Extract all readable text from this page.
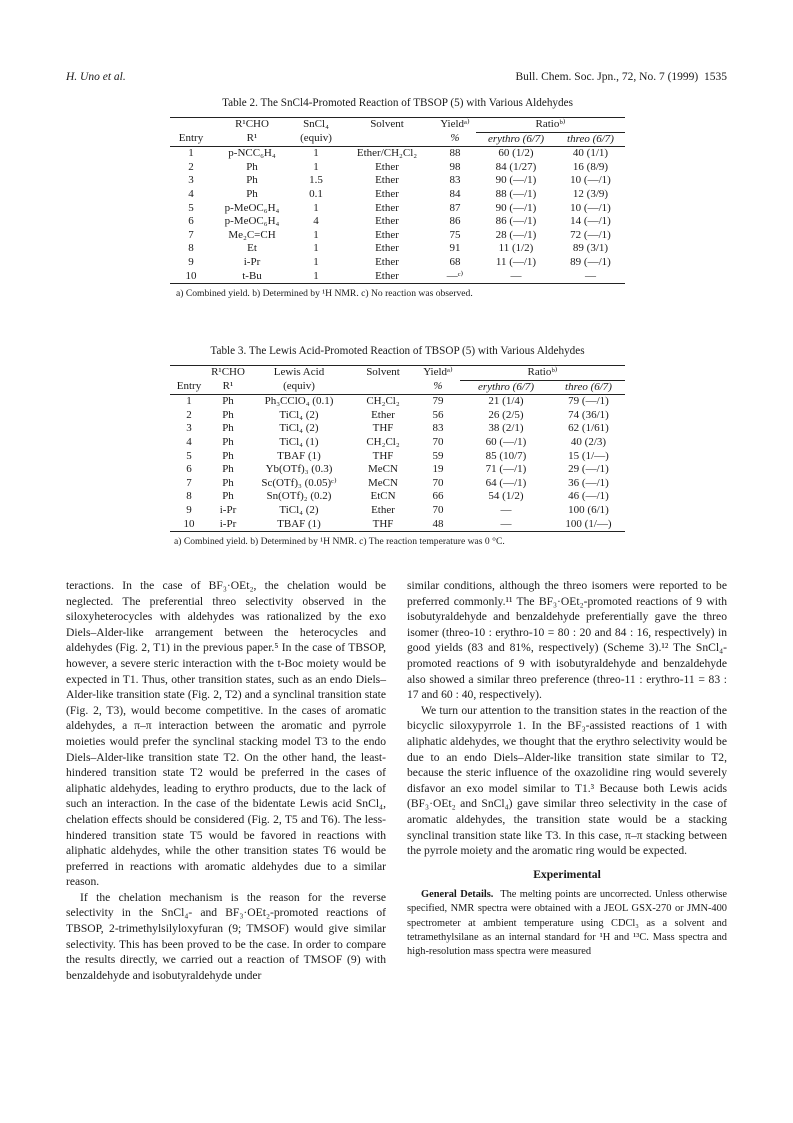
H. Uno et al.	Bull. Chem. Soc. Jpn., 72, No. 7 (1999) 1535
Table 2. The SnCl4-Promoted Reaction of TBSOP (5) with Various Aldehydes
	R¹CHO	SnCl₄	Solvent	Yieldᵃ⁾	Ratioᵇ⁾	
Entry	R¹	(equiv)		%	erythro (6/7)	threo (6/7)
1	p-NCC₆H₄	1	Ether/CH₂Cl₂	88	60 (1/2)	40 (1/1)
2	Ph	1	Ether	98	84 (1/27)	16 (8/9)
3	Ph	1.5	Ether	83	90 (—/1)	10 (—/1)
4	Ph	0.1	Ether	84	88 (—/1)	12 (3/9)
5	p-MeOC₆H₄	1	Ether	87	90 (—/1)	10 (—/1)
6	p-MeOC₆H₄	4	Ether	86	86 (—/1)	14 (—/1)
7	Me₂C=CH	1	Ether	75	28 (—/1)	72 (—/1)
8	Et	1	Ether	91	11 (1/2)	89 (3/1)
9	i-Pr	1	Ether	68	11 (—/1)	89 (—/1)
10	t-Bu	1	Ether	—ᶜ⁾	—	—
a) Combined yield. b) Determined by ¹H NMR. c) No reaction was observed.
Table 3. The Lewis Acid-Promoted Reaction of TBSOP (5) with Various Aldehydes
	R¹CHO	Lewis Acid	Solvent	Yieldᵃ⁾	Ratioᵇ⁾	
Entry	R¹	(equiv)		%	erythro (6/7)	threo (6/7)
1	Ph	Ph₃CClO₄ (0.1)	CH₂Cl₂	79	21 (1/4)	79 (—/1)
2	Ph	TiCl₄ (2)	Ether	56	26 (2/5)	74 (36/1)
3	Ph	TiCl₄ (2)	THF	83	38 (2/1)	62 (1/61)
4	Ph	TiCl₄ (1)	CH₂Cl₂	70	60 (—/1)	40 (2/3)
5	Ph	TBAF (1)	THF	59	85 (10/7)	15 (1/—)
6	Ph	Yb(OTf)₃ (0.3)	MeCN	19	71 (—/1)	29 (—/1)
7	Ph	Sc(OTf)₃ (0.05)ᶜ⁾	MeCN	70	64 (—/1)	36 (—/1)
8	Ph	Sn(OTf)₂ (0.2)	EtCN	66	54 (1/2)	46 (—/1)
9	i-Pr	TiCl₄ (2)	Ether	70	—	100 (6/1)
10	i-Pr	TBAF (1)	THF	48	—	100 (1/—)
a) Combined yield. b) Determined by ¹H NMR. c) The reaction temperature was 0 °C.

teractions. In the case of BF₃·OEt₂, the chelation would be neglected. The preferential threo selectivity observed in the siloxyheterocycles with aldehydes was rationalized by the exo Diels–Alder-like arrangement between the heterocycles and aldehydes (Fig. 2, T1) in the previous paper.⁵ In the case of TBSOP, however, a severe steric interaction with the t-Boc moiety would be expected in T1. Thus, other transition states, such as an endo Diels–Alder-like transition state (Fig. 2, T2) and a synclinal transition state (Fig. 2, T3), would become competitive. In the cases of aromatic aldehydes, a π–π interaction between the aromatic and pyrrole moieties would prefer the synclinal stacking model T3 to the endo Diels–Alder-like transition state T2. On the other hand, the least-hindered transition state T2 would be preferred in the cases of aliphatic aldehydes, leading to erythro products, due to the lack of such an interaction. In the case of the bidentate Lewis acid SnCl₄, chelation effects should be considered (Fig. 2, T5 and T6). The less-hindered transition state T5 would be favored in reactions with aliphatic aldehydes, while the other transition states T6 would be preferred in reactions with aromatic aldehydes due to a similar reason.

If the chelation mechanism is the reason for the reverse selectivity in the SnCl₄- and BF₃·OEt₂-promoted reactions of TBSOP, 2-trimethylsilyloxyfuran (9; TMSOF) would give similar selectivity. This has been proved to be the case. In order to compare the results directly, we carried out a reaction of TMSOF (9) with benzaldehyde and isobutyraldehyde under

similar conditions, although the threo isomers were reported to be preferred commonly.¹¹ The BF₃·OEt₂-promoted reactions of 9 with isobutyraldehyde and benzaldehyde preferentially gave the threo isomer (threo-10 : erythro-10 = 80 : 20 and 84 : 16, respectively) in good yields (83 and 81%, respectively) (Scheme 3).¹² The SnCl₄-promoted reactions of 9 with isobutyraldehyde and benzaldehyde also showed a similar threo preference (threo-11 : erythro-11 = 83 : 17 and 60 : 40, respectively).

We turn our attention to the transition states in the reaction of the bicyclic siloxypyrrole 1. In the BF₃-assisted reactions of 1 with aliphatic aldehydes, we thought that the erythro selectivity would be due to an endo Diels–Alder-like transition state similar to T2, because the steric influence of the oxazolidine ring would severely disfavor an exo model similar to T1.³ Because both Lewis acids (BF₃·OEt₂ and SnCl₄) gave similar threo selectivity in the case of aromatic aldehydes, the transition state would be a stacking synclinal transition state like T3. In this case, π–π stacking between the pyrrole moiety and the aromatic ring would be expected.

Experimental

General Details. The melting points are uncorrected. Unless otherwise specified, NMR spectra were obtained with a JEOL GSX-270 or JMN-400 spectrometer at ambient temperature using CDCl₃ as a solvent and tetramethylsilane as an internal standard for ¹H and ¹³C. Mass spectra and high-resolution mass spectra were measured
